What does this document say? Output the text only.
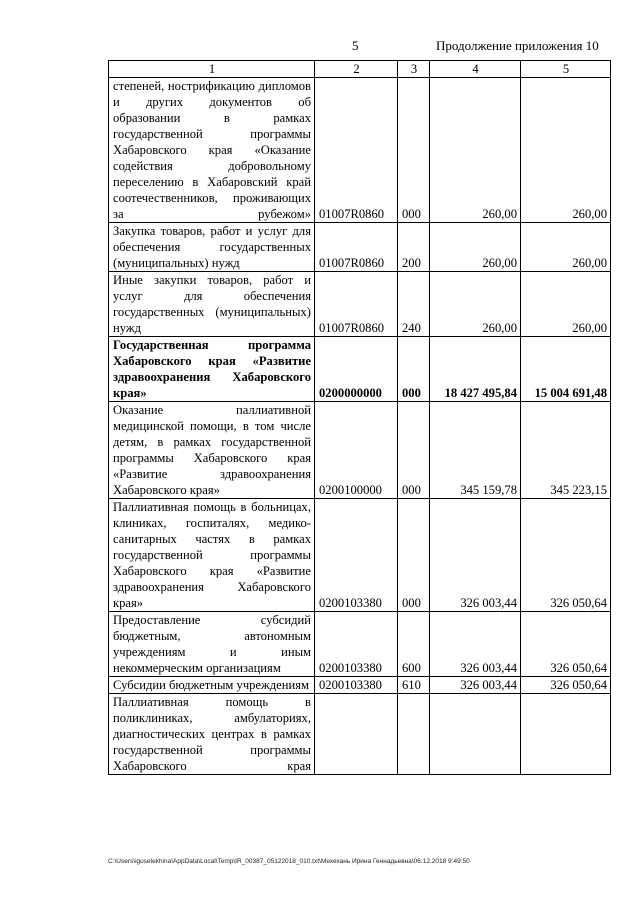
5	Продолжение приложения 10
1	2	3	4	5
степеней, нострификацию дипломов и других документов об образовании в рамках государственной программы Хабаровского края «Оказание содействия добровольному переселению в Хабаровский край соотечественников, проживающих за рубежом»	01007R0860	000	260,00	260,00
Закупка товаров, работ и услуг для обеспечения государственных (муниципальных) нужд	01007R0860	200	260,00	260,00
Иные закупки товаров, работ и услуг для обеспечения государственных (муниципальных) нужд	01007R0860	240	260,00	260,00
Государственная программа Хабаровского края «Развитие здравоохранения Хабаровского края»	0200000000	000	18 427 495,84	15 004 691,48
Оказание паллиативной медицинской помощи, в том числе детям, в рамках государственной программы Хабаровского края «Развитие здравоохранения Хабаровского края»	0200100000	000	345 159,78	345 223,15
Паллиативная помощь в больницах, клиниках, госпиталях, медико-санитарных частях в рамках государственной программы Хабаровского края «Развитие здравоохранения Хабаровского края»	0200103380	000	326 003,44	326 050,64
Предоставление субсидий бюджетным, автономным учреждениям и иным некоммерческим организациям	0200103380	600	326 003,44	326 050,64
Субсидии бюджетным учреждениям	0200103380	610	326 003,44	326 050,64
Паллиативная помощь в поликлиниках, амбулаториях, диагностических центрах в рамках государственной программы Хабаровского края				
C:\Users\iguselekhina\AppData\Local\Temp\IR_00387_05122018_010.txt\Мехехань Ирина Геннадьевна\06.12.2018 9:49:50
